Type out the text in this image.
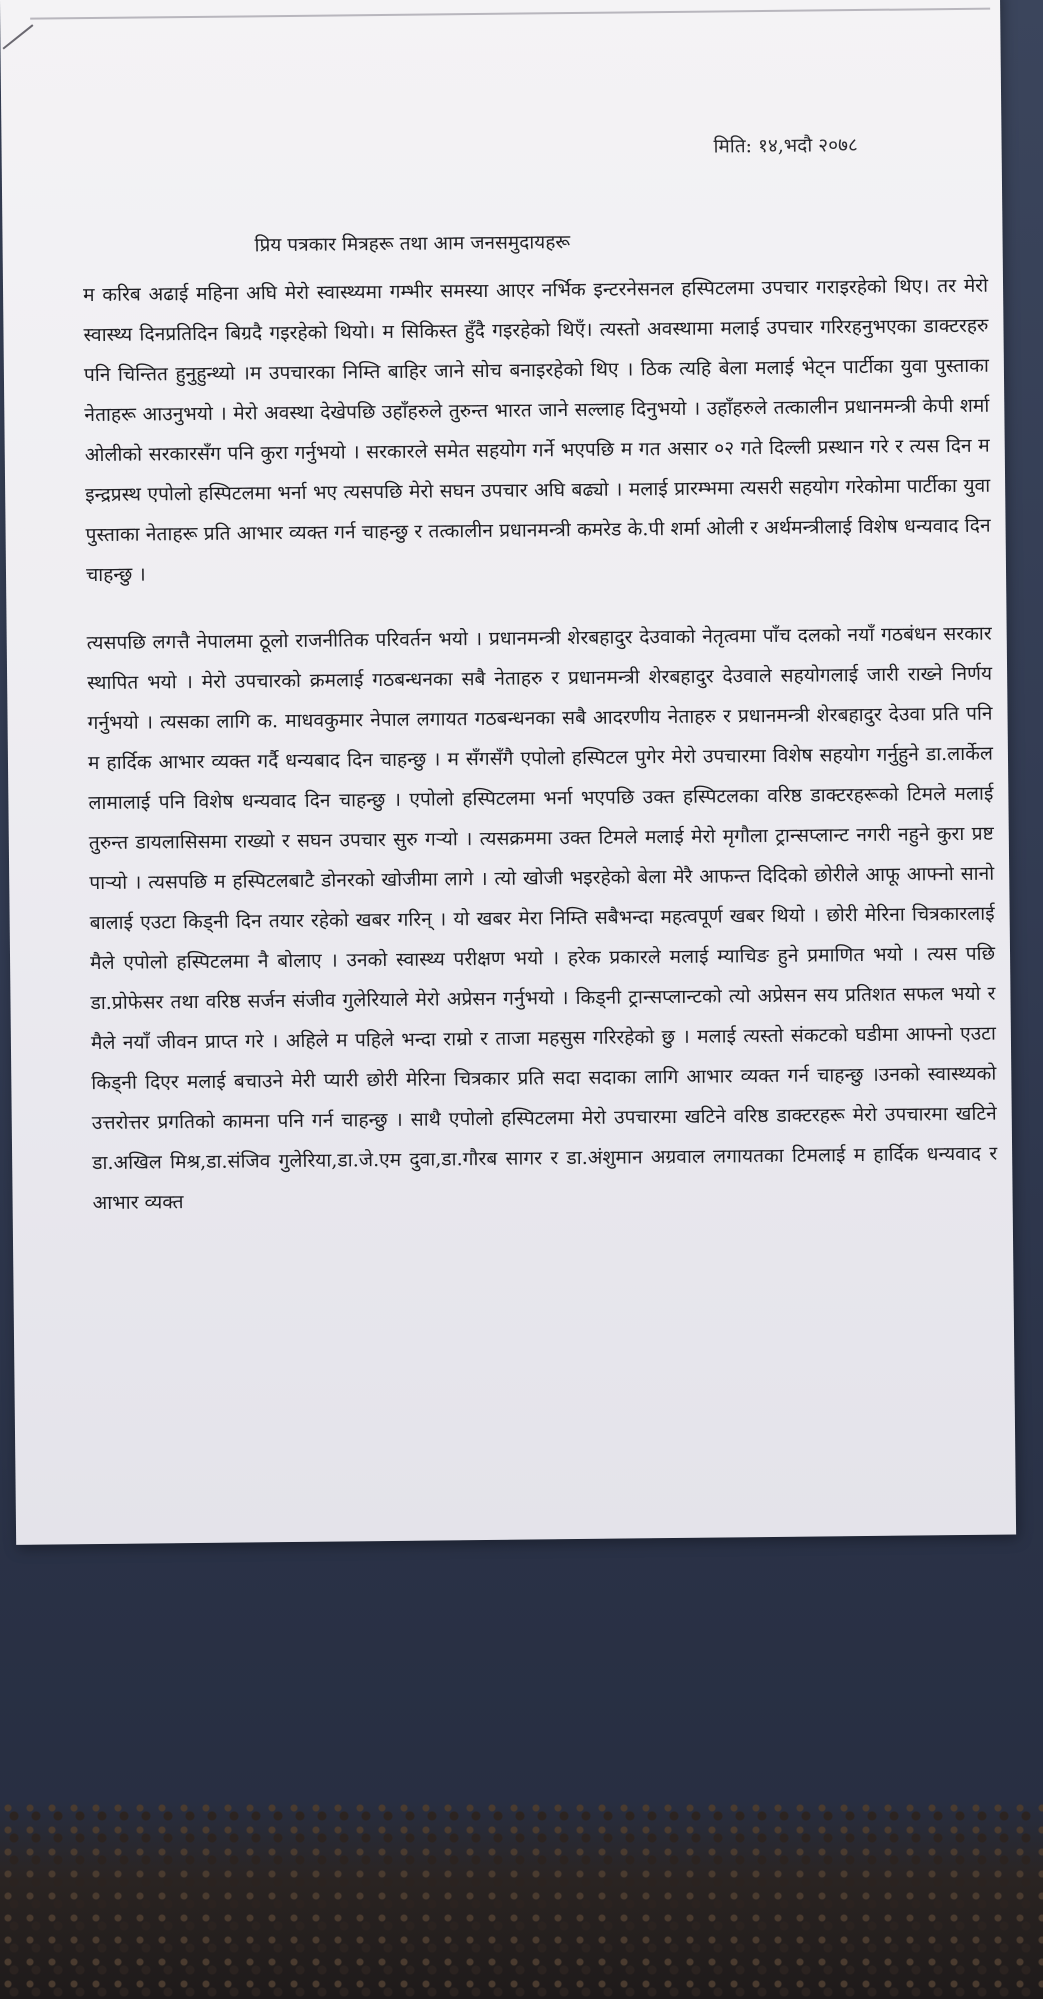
मिति: १४,भदौ २०७८
प्रिय पत्रकार मित्रहरू तथा आम जनसमुदायहरू

म करिब अढाई महिना अघि मेरो स्वास्थ्यमा गम्भीर समस्या आएर नर्भिक इन्टरनेसनल हस्पिटलमा उपचार गराइरहेको थिए। तर मेरो स्वास्थ्य दिनप्रतिदिन बिग्रदै गइरहेको थियो। म सिकिस्त हुँदै गइरहेको थिएँ। त्यस्तो अवस्थामा मलाई उपचार गरिरहनुभएका डाक्टरहरु पनि चिन्तित हुनुहुन्थ्यो ।म उपचारका निम्ति बाहिर जाने सोच बनाइरहेको थिए । ठिक त्यहि बेला मलाई भेट्न पार्टीका युवा पुस्ताका नेताहरू आउनुभयो । मेरो अवस्था देखेपछि उहाँहरुले तुरुन्त भारत जाने सल्लाह दिनुभयो । उहाँहरुले तत्कालीन प्रधानमन्त्री केपी शर्मा ओलीको सरकारसँग पनि कुरा गर्नुभयो । सरकारले समेत सहयोग गर्ने भएपछि म गत असार ०२ गते दिल्ली प्रस्थान गरे र त्यस दिन म इन्द्रप्रस्थ एपोलो हस्पिटलमा भर्ना भए त्यसपछि मेरो सघन उपचार अघि बढ्यो । मलाई प्रारम्भमा त्यसरी सहयोग गरेकोमा पार्टीका युवा पुस्ताका नेताहरू प्रति आभार व्यक्त गर्न चाहन्छु र तत्कालीन प्रधानमन्त्री कमरेड के.पी शर्मा ओली र अर्थमन्त्रीलाई विशेष धन्यवाद दिन चाहन्छु ।

त्यसपछि लगत्तै नेपालमा ठूलो राजनीतिक परिवर्तन भयो । प्रधानमन्त्री शेरबहादुर देउवाको नेतृत्वमा पाँच दलको नयाँ गठबंधन सरकार स्थापित भयो । मेरो उपचारको क्रमलाई गठबन्धनका सबै नेताहरु र प्रधानमन्त्री शेरबहादुर देउवाले सहयोगलाई जारी राख्ने निर्णय गर्नुभयो । त्यसका लागि क. माधवकुमार नेपाल लगायत गठबन्धनका सबै आदरणीय नेताहरु र प्रधानमन्त्री शेरबहादुर देउवा प्रति पनि म हार्दिक आभार व्यक्त गर्दै धन्यबाद दिन चाहन्छु । म सँगसँगै एपोलो हस्पिटल पुगेर मेरो उपचारमा विशेष सहयोग गर्नुहुने डा.लार्केल लामालाई पनि विशेष धन्यवाद दिन चाहन्छु । एपोलो हस्पिटलमा भर्ना भएपछि उक्त हस्पिटलका वरिष्ठ डाक्टरहरूको टिमले मलाई तुरुन्त डायलासिसमा राख्यो र सघन उपचार सुरु गर्‍यो । त्यसक्रममा उक्त टिमले मलाई मेरो मृगौला ट्रान्सप्लान्ट नगरी नहुने कुरा प्रष्ट पार्‍यो । त्यसपछि म हस्पिटलबाटै डोनरको खोजीमा लागे । त्यो खोजी भइरहेको बेला मेरै आफन्त दिदिको छोरीले आफू आफ्नो सानो बालाई एउटा किड्नी दिन तयार रहेको खबर गरिन् । यो खबर मेरा निम्ति सबैभन्दा महत्वपूर्ण खबर थियो । छोरी मेरिना चित्रकारलाई मैले एपोलो हस्पिटलमा नै बोलाए । उनको स्वास्थ्य परीक्षण भयो । हरेक प्रकारले मलाई म्याचिङ हुने प्रमाणित भयो । त्यस पछि डा.प्रोफेसर तथा वरिष्ठ सर्जन संजीव गुलेरियाले मेरो अप्रेसन गर्नुभयो । किड्नी ट्रान्सप्लान्टको त्यो अप्रेसन सय प्रतिशत सफल भयो र मैले नयाँ जीवन प्राप्त गरे । अहिले म पहिले भन्दा राम्रो र ताजा महसुस गरिरहेको छु । मलाई त्यस्तो संकटको घडीमा आफ्नो एउटा किड्नी दिएर मलाई बचाउने मेरी प्यारी छोरी मेरिना चित्रकार प्रति सदा सदाका लागि आभार व्यक्त गर्न चाहन्छु ।उनको स्वास्थ्यको उत्तरोत्तर प्रगतिको कामना पनि गर्न चाहन्छु । साथै एपोलो हस्पिटलमा मेरो उपचारमा खटिने वरिष्ठ डाक्टरहरू मेरो उपचारमा खटिने डा.अखिल मिश्र,डा.संजिव गुलेरिया,डा.जे.एम दुवा,डा.गौरब सागर र डा.अंशुमान अग्रवाल लगायतका टिमलाई म हार्दिक धन्यवाद र आभार व्यक्त
